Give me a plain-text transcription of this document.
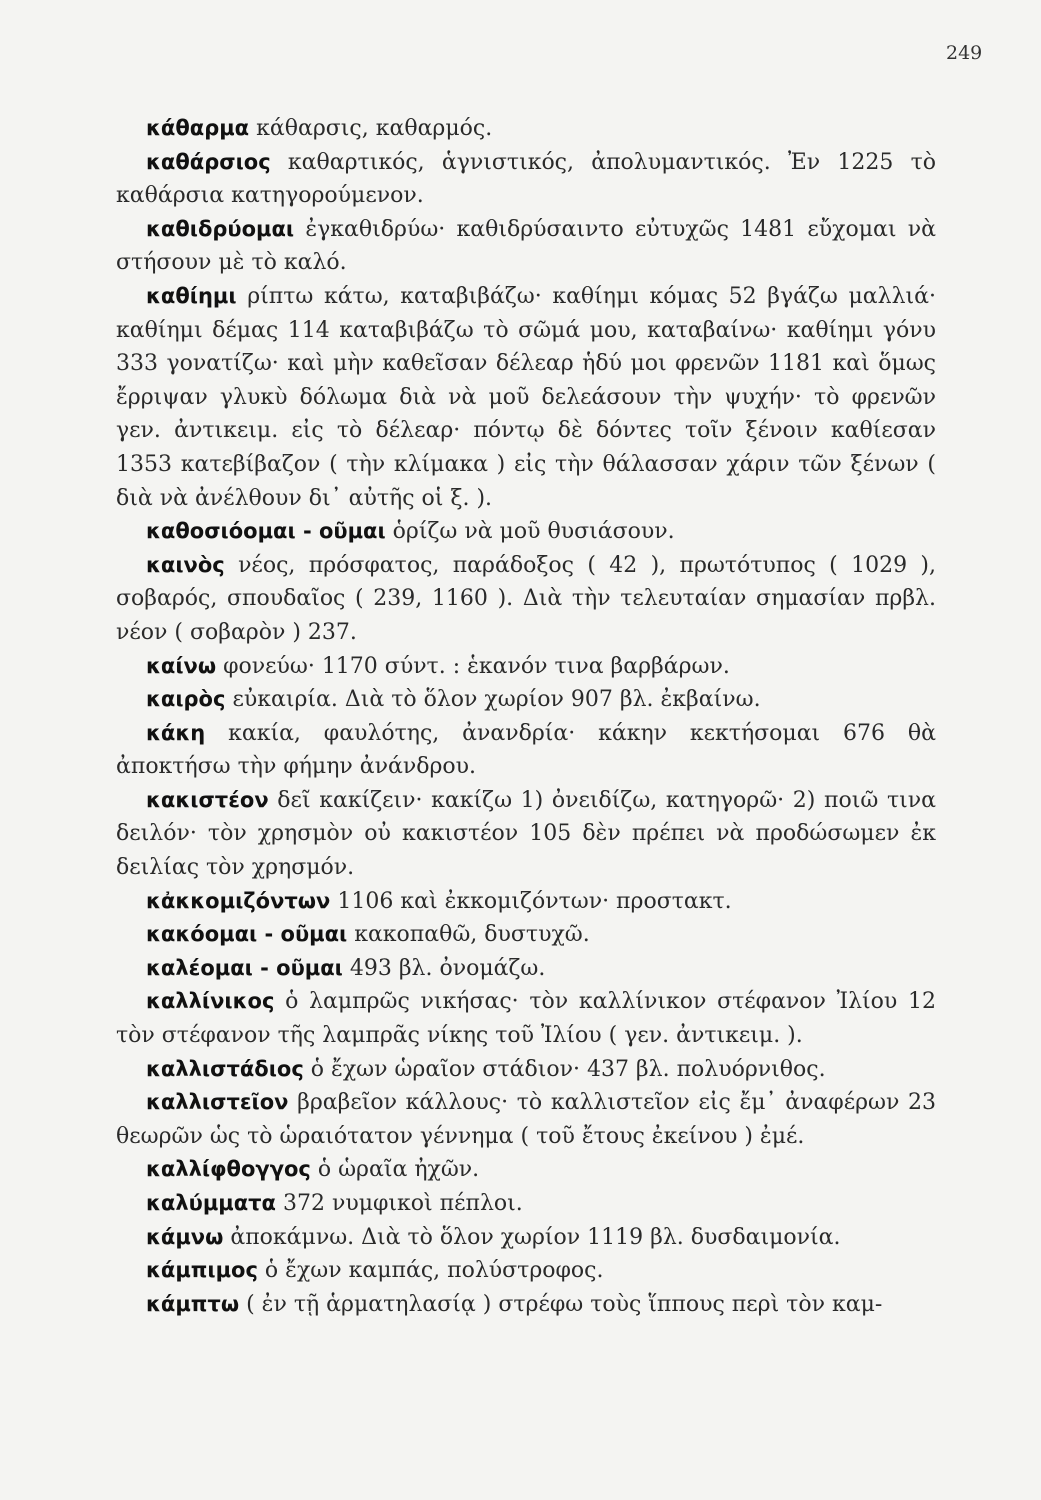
249

κάθαρμα κάθαρσις, καθαρμός.

καθάρσιος καθαρτικός, ἁγνιστικός, ἀπολυμαντικός. Ἐν 1225 τὸ καθάρσια κατηγορούμενον.

καθιδρύομαι ἐγκαθιδρύω· καθιδρύσαιντο εὐτυχῶς 1481 εὔχομαι νὰ στήσουν μὲ τὸ καλό.

καθίημι ρίπτω κάτω, καταβιβάζω· καθίημι κόμας 52 βγάζω μαλλιά· καθίημι δέμας 114 καταβιβάζω τὸ σῶμά μου, καταβαίνω· καθίημι γόνυ 333 γονατίζω· καὶ μὴν καθεῖσαν δέλεαρ ἡδύ μοι φρενῶν 1181 καὶ ὅμως ἔρριψαν γλυκὺ δόλωμα διὰ νὰ μοῦ δελεάσουν τὴν ψυχήν· τὸ φρενῶν γεν. ἀντικειμ. εἰς τὸ δέλεαρ· πόντῳ δὲ δόντες τοῖν ξένοιν καθίεσαν 1353 κατεβίβαζον ( τὴν κλίμακα ) εἰς τὴν θάλασσαν χάριν τῶν ξένων ( διὰ νὰ ἀνέλθουν δι᾽ αὐτῆς οἱ ξ. ).

καθοσιόομαι - οῦμαι ὁρίζω νὰ μοῦ θυσιάσουν.

καινὸς νέος, πρόσφατος, παράδοξος ( 42 ), πρωτότυπος ( 1029 ), σοβαρός, σπουδαῖος ( 239, 1160 ). Διὰ τὴν τελευταίαν σημασίαν πρβλ. νέον ( σοβαρὸν ) 237.

καίνω φονεύω· 1170 σύντ. : ἑκανόν τινα βαρβάρων.

καιρὸς εὐκαιρία. Διὰ τὸ ὅλον χωρίον 907 βλ. ἐκβαίνω.

κάκη κακία, φαυλότης, ἀνανδρία· κάκην κεκτήσομαι 676 θὰ ἀποκτήσω τὴν φήμην ἀνάνδρου.

κακιστέον δεῖ κακίζειν· κακίζω 1) ὀνειδίζω, κατηγορῶ· 2) ποιῶ τινα δειλόν· τὸν χρησμὸν οὐ κακιστέον 105 δὲν πρέπει νὰ προδώσωμεν ἐκ δειλίας τὸν χρησμόν.

κἀκκομιζόντων 1106 καὶ ἐκκομιζόντων· προστακτ.

κακόομαι - οῦμαι κακοπαθῶ, δυστυχῶ.

καλέομαι - οῦμαι 493 βλ. ὀνομάζω.

καλλίνικος ὁ λαμπρῶς νικήσας· τὸν καλλίνικον στέφανον Ἰλίου 12 τὸν στέφανον τῆς λαμπρᾶς νίκης τοῦ Ἰλίου ( γεν. ἀντικειμ. ).

καλλιστάδιος ὁ ἔχων ὡραῖον στάδιον· 437 βλ. πολυόρνιθος.

καλλιστεῖον βραβεῖον κάλλους· τὸ καλλιστεῖον εἰς ἔμ᾽ ἀναφέρων 23 θεωρῶν ὡς τὸ ὡραιότατον γέννημα ( τοῦ ἔτους ἐκείνου ) ἐμέ.

καλλίφθογγος ὁ ὡραῖα ἠχῶν.

καλύμματα 372 νυμφικοὶ πέπλοι.

κάμνω ἀποκάμνω. Διὰ τὸ ὅλον χωρίον 1119 βλ. δυσδαιμονία.

κάμπιμος ὁ ἔχων καμπάς, πολύστροφος.

κάμπτω ( ἐν τῇ ἁρματηλασίᾳ ) στρέφω τοὺς ἵππους περὶ τὸν καμ-
